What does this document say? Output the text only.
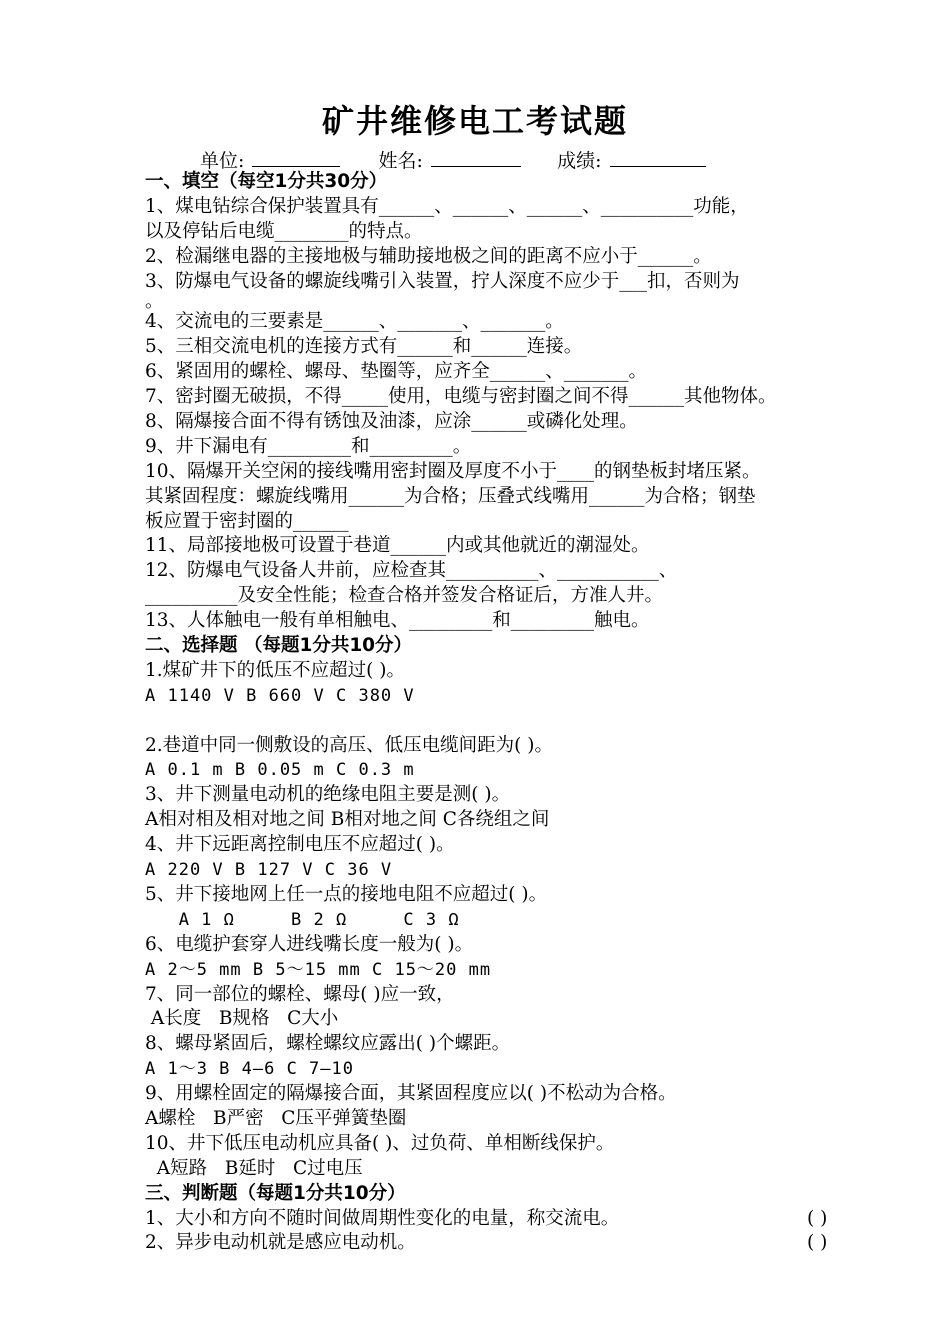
矿井维修电工考试题
单位:	姓名:	成绩:
一、填空（每空1分共30分）
1、煤电钻综合保护装置具有______、______、______、__________功能，
以及停钻后电缆________的特点。
2、检漏继电器的主接地极与辅助接地极之间的距离不应小于______。
3、防爆电气设备的螺旋线嘴引入装置，拧人深度不应少于___扣，否则为
。
4、交流电的三要素是______、_______、_______。
5、三相交流电机的连接方式有______和______连接。
6、紧固用的螺栓、螺母、垫圈等，应齐全______、_______。
7、密封圈无破损，不得_____使用，电缆与密封圈之间不得______其他物体。
8、隔爆接合面不得有锈蚀及油漆，应涂______或磷化处理。
9、井下漏电有_________和_________。
10、隔爆开关空闲的接线嘴用密封圈及厚度不小于____的钢垫板封堵压紧。
其紧固程度：螺旋线嘴用______为合格；压叠式线嘴用______为合格；钢垫
板应置于密封圈的______
11、局部接地极可设置于巷道______内或其他就近的潮湿处。
12、防爆电气设备人井前，应检查其__________、___________、
__________及安全性能；检查合格并签发合格证后，方准人井。
13、人体触电一般有单相触电、_________和_________触电。
二、选择题 （每题1分共10分）
1.煤矿井下的低压不应超过( )。
A 1140 V B 660 V C 380 V
2.巷道中同一侧敷设的高压、低压电缆间距为( )。
A 0.1 m B 0.05 m C 0.3 m
3、井下测量电动机的绝缘电阻主要是测( )。
A相对相及相对地之间 B相对地之间 C各绕组之间
4、井下远距离控制电压不应超过( )。
A 220 V B 127 V C 36 V
5、井下接地网上任一点的接地电阻不应超过( )。
A 1 Ω     B 2 Ω     C 3 Ω
6、电缆护套穿人进线嘴长度一般为( )。
A 2～5 mm B 5～15 mm C 15～20 mm
7、同一部位的螺栓、螺母( )应一致，
A长度   B规格   C大小
8、螺母紧固后，螺栓螺纹应露出( )个螺距。
A 1～3 B 4—6 C 7—10
9、用螺栓固定的隔爆接合面，其紧固程度应以( )不松动为合格。
A螺栓   B严密   C压平弹簧垫圈
10、井下低压电动机应具备( )、过负荷、单相断线保护。
A短路   B延时   C过电压
三、判断题（每题1分共10分）
1、大小和方向不随时间做周期性变化的电量，称交流电。	( )
2、异步电动机就是感应电动机。	( )
